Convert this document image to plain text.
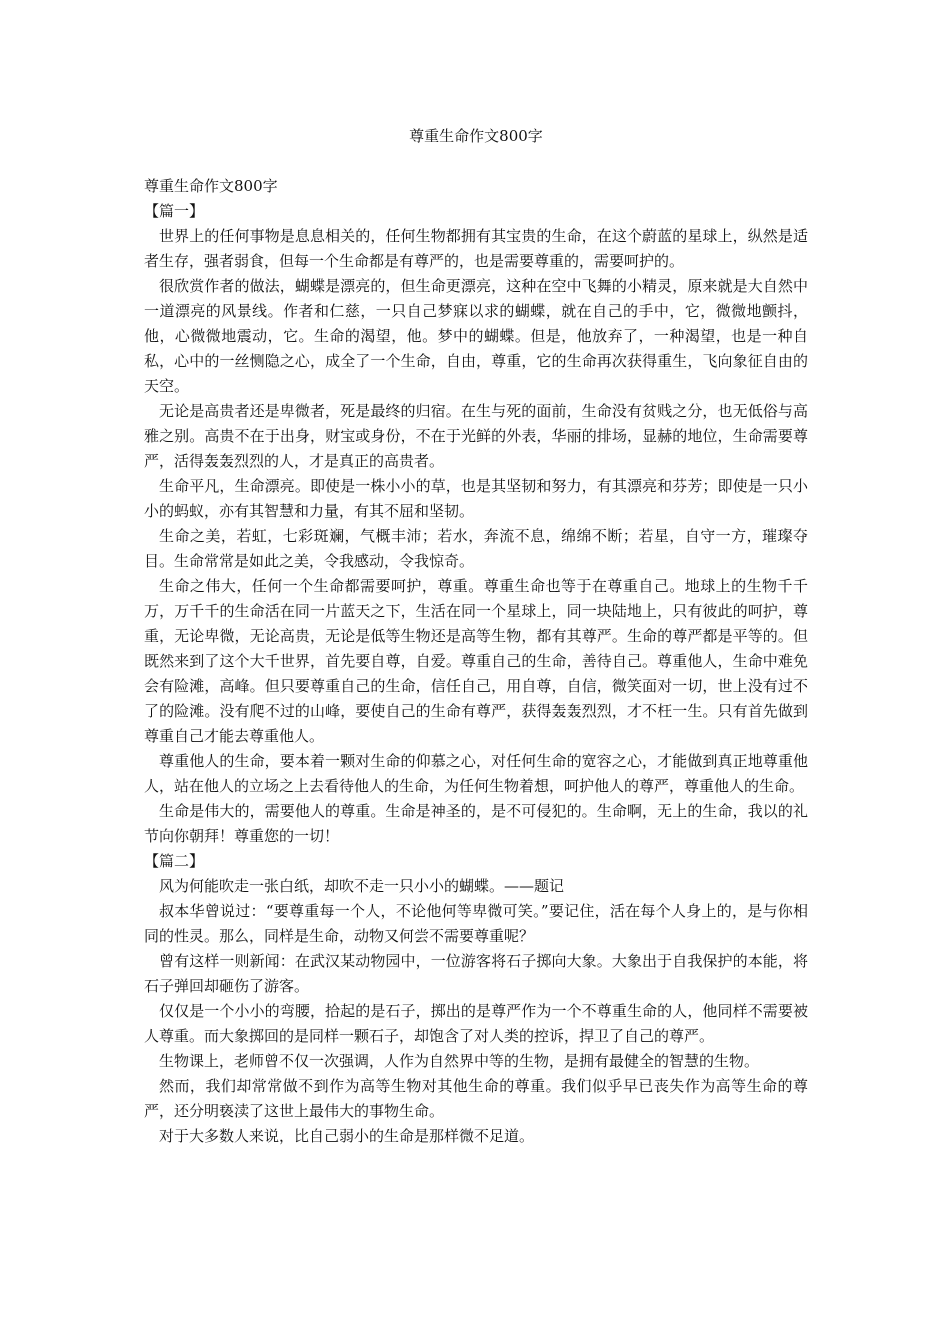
尊重生命作文800字

尊重生命作文800字

【篇一】

世界上的任何事物是息息相关的，任何生物都拥有其宝贵的生命，在这个蔚蓝的星球上，纵然是适者生存，强者弱食，但每一个生命都是有尊严的，也是需要尊重的，需要呵护的。

很欣赏作者的做法，蝴蝶是漂亮的，但生命更漂亮，这种在空中飞舞的小精灵，原来就是大自然中一道漂亮的风景线。作者和仁慈，一只自己梦寐以求的蝴蝶，就在自己的手中，它，微微地颤抖，他，心微微地震动，它。生命的渴望，他。梦中的蝴蝶。但是，他放弃了，一种渴望，也是一种自私，心中的一丝恻隐之心，成全了一个生命，自由，尊重，它的生命再次获得重生，飞向象征自由的天空。

无论是高贵者还是卑微者，死是最终的归宿。在生与死的面前，生命没有贫贱之分，也无低俗与高雅之别。高贵不在于出身，财宝或身份，不在于光鲜的外表，华丽的排场，显赫的地位，生命需要尊严，活得轰轰烈烈的人，才是真正的高贵者。

生命平凡，生命漂亮。即使是一株小小的草，也是其坚韧和努力，有其漂亮和芬芳；即使是一只小小的蚂蚁，亦有其智慧和力量，有其不屈和坚韧。

生命之美，若虹，七彩斑斓，气概丰沛；若水，奔流不息，绵绵不断；若星，自守一方，璀璨夺目。生命常常是如此之美，令我感动，令我惊奇。

生命之伟大，任何一个生命都需要呵护，尊重。尊重生命也等于在尊重自己。地球上的生物千千万，万千千的生命活在同一片蓝天之下，生活在同一个星球上，同一块陆地上，只有彼此的呵护，尊重，无论卑微，无论高贵，无论是低等生物还是高等生物，都有其尊严。生命的尊严都是平等的。但既然来到了这个大千世界，首先要自尊，自爱。尊重自己的生命，善待自己。尊重他人，生命中难免会有险滩，高峰。但只要尊重自己的生命，信任自己，用自尊，自信，微笑面对一切，世上没有过不了的险滩。没有爬不过的山峰，要使自己的生命有尊严，获得轰轰烈烈，才不枉一生。只有首先做到尊重自己才能去尊重他人。

尊重他人的生命，要本着一颗对生命的仰慕之心，对任何生命的宽容之心，才能做到真正地尊重他人，站在他人的立场之上去看待他人的生命，为任何生物着想，呵护他人的尊严，尊重他人的生命。

生命是伟大的，需要他人的尊重。生命是神圣的，是不可侵犯的。生命啊，无上的生命，我以的礼节向你朝拜！尊重您的一切！

【篇二】

风为何能吹走一张白纸，却吹不走一只小小的蝴蝶。——题记

叔本华曾说过：“要尊重每一个人，不论他何等卑微可笑。”要记住，活在每个人身上的，是与你相同的性灵。那么，同样是生命，动物又何尝不需要尊重呢？

曾有这样一则新闻：在武汉某动物园中，一位游客将石子掷向大象。大象出于自我保护的本能，将石子弹回却砸伤了游客。

仅仅是一个小小的弯腰，拾起的是石子，掷出的是尊严作为一个不尊重生命的人，他同样不需要被人尊重。而大象掷回的是同样一颗石子，却饱含了对人类的控诉，捍卫了自己的尊严。

生物课上，老师曾不仅一次强调，人作为自然界中等的生物，是拥有最健全的智慧的生物。

然而，我们却常常做不到作为高等生物对其他生命的尊重。我们似乎早已丧失作为高等生命的尊严，还分明亵渎了这世上最伟大的事物生命。

对于大多数人来说，比自己弱小的生命是那样微不足道。
